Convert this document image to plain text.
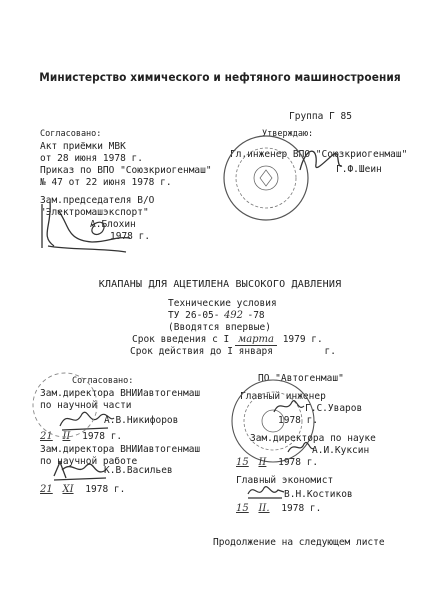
Министерство химического и нефтяного машиностроения
Группа Г 85
Согласовано:
Акт приёмки МВК
от 28 июня 1978 г.
Приказ по ВПО "Союзкриогенмаш"
№ 47 от 22 июня 1978 г.
Зам.председателя В/О
"Электромашэкспорт"
А.Блохин
1978 г.
Утверждаю:
Гл.инженер ВПО "Союзкриогенмаш"
Г.Ф.Шеин
КЛАПАНЫ ДЛЯ АЦЕТИЛЕНА ВЫСОКОГО ДАВЛЕНИЯ
Технические условия
ТУ 26-05- 492 -78
(Вводятся впервые)
Срок введения с I марта 1979 г.
Срок действия до I января	г.
Согласовано:
Зам.директора ВНИИавтогенмаш
по научной части
А.В.Никифоров
21 II 1978 г.
Зам.директора ВНИИавтогенмаш
по научной работе
К.В.Васильев
21 XI 1978 г.
ПО "Автогенмаш"
Главный инженер
Г.С.Уваров
1978 г.
Зам.директора по науке
А.И.Куксин
15 II 1978 г.
Главный экономист
В.Н.Костиков
15 II. 1978 г.
Продолжение на следующем листе
